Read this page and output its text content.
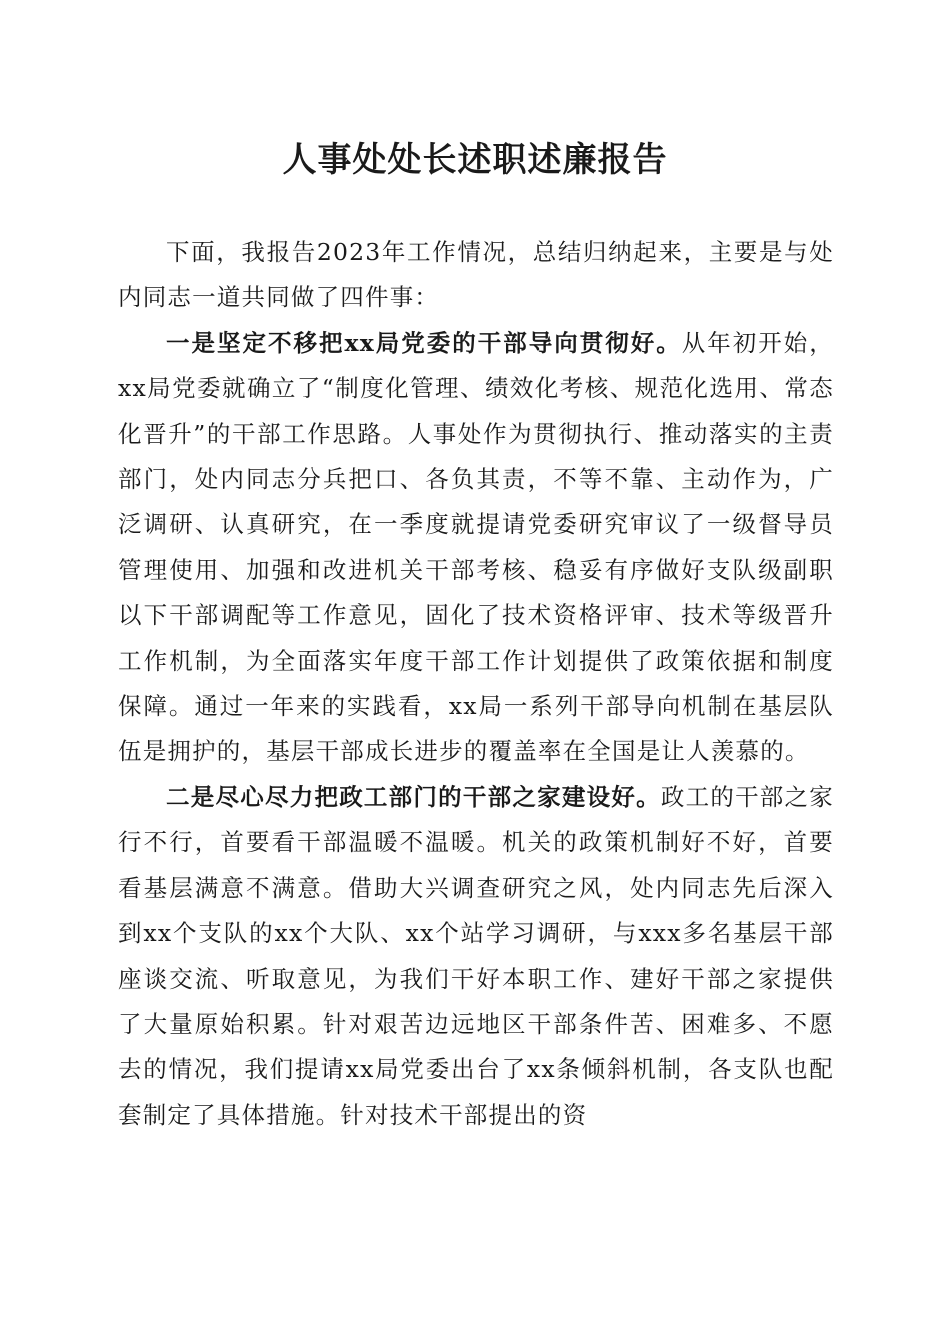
人事处处长述职述廉报告

下面，我报告2023年工作情况，总结归纳起来，主要是与处内同志一道共同做了四件事：

一是坚定不移把xx局党委的干部导向贯彻好。从年初开始，xx局党委就确立了“制度化管理、绩效化考核、规范化选用、常态化晋升”的干部工作思路。人事处作为贯彻执行、推动落实的主责部门，处内同志分兵把口、各负其责，不等不靠、主动作为，广泛调研、认真研究，在一季度就提请党委研究审议了一级督导员管理使用、加强和改进机关干部考核、稳妥有序做好支队级副职以下干部调配等工作意见，固化了技术资格评审、技术等级晋升工作机制，为全面落实年度干部工作计划提供了政策依据和制度保障。通过一年来的实践看，xx局一系列干部导向机制在基层队伍是拥护的，基层干部成长进步的覆盖率在全国是让人羡慕的。

二是尽心尽力把政工部门的干部之家建设好。政工的干部之家行不行，首要看干部温暖不温暖。机关的政策机制好不好，首要看基层满意不满意。借助大兴调查研究之风，处内同志先后深入到xx个支队的xx个大队、xx个站学习调研，与xxx多名基层干部座谈交流、听取意见，为我们干好本职工作、建好干部之家提供了大量原始积累。针对艰苦边远地区干部条件苦、困难多、不愿去的情况，我们提请xx局党委出台了xx条倾斜机制，各支队也配套制定了具体措施。针对技术干部提出的资
